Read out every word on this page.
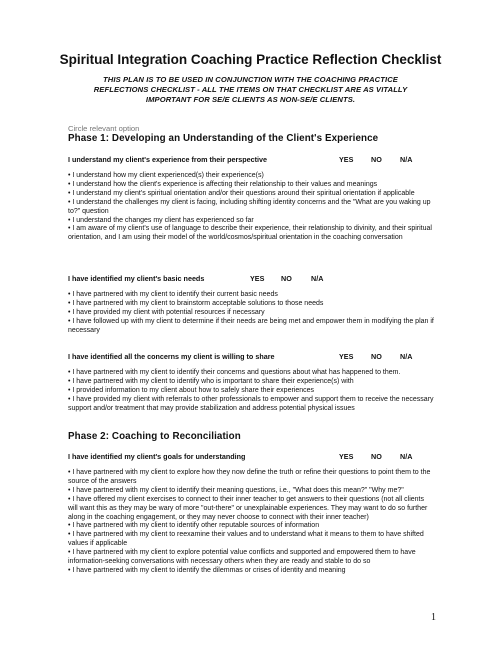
Spiritual Integration Coaching Practice Reflection Checklist
THIS PLAN IS TO BE USED IN CONJUNCTION WITH THE COACHING PRACTICE REFLECTIONS CHECKLIST - ALL THE ITEMS ON THAT CHECKLIST ARE AS VITALLY IMPORTANT FOR SE/E CLIENTS AS NON-SE/E CLIENTS.
Circle relevant option
Phase 1: Developing an Understanding of the Client's Experience
I understand my client's experience from their perspective	YES NO	N/A
• I understand how my client experienced(s) their experience(s)
• I understand how the client's experience is affecting their relationship to their values and meanings
• I understand my client's spiritual orientation and/or their questions around their spiritual orientation if applicable
• I understand the challenges my client is facing, including shifting identity concerns and the "What are you waking up to?" question
• I understand the changes my client has experienced so far
• I am aware of my client's use of language to describe their experience, their relationship to divinity, and their spiritual orientation, and I am using their model of the world/cosmos/spiritual orientation in the coaching conversation
I have identified my client's basic needs	YES NO	N/A
• I have partnered with my client to identify their current basic needs
• I have partnered with my client to brainstorm acceptable solutions to those needs
• I have provided my client with potential resources if necessary
• I have followed up with my client to determine if their needs are being met and empower them in modifying the plan if necessary
I have identified all the concerns my client is willing to share	YES NO	N/A
• I have partnered with my client to identify their concerns and questions about what has happened to them.
• I have partnered with my client to identify who is important to share their experience(s) with
• I provided information to my client about how to safely share their experiences
• I have provided my client with referrals to other professionals to empower and support them to receive the necessary support and/or treatment that may provide stabilization and address potential physical issues
Phase 2: Coaching to Reconciliation
I have identified my client's goals for understanding	YES NO	N/A
• I have partnered with my client to explore how they now define the truth or refine their questions to point them to the source of the answers
• I have partnered with my client to identify their meaning questions, i.e., "What does this mean?" "Why me?"
• I have offered my client exercises to connect to their inner teacher to get answers to their questions (not all clients will want this as they may be wary of more "out-there" or unexplainable experiences. They may want to do so further along in the coaching engagement, or they may never choose to connect with their inner teacher)
• I have partnered with my client to identify other reputable sources of information
• I have partnered with my client to reexamine their values and to understand what it means to them to have shifted values if applicable
• I have partnered with my client to explore potential value conflicts and supported and empowered them to have information-seeking conversations with necessary others when they are ready and stable to do so
• I have partnered with my client to identify the dilemmas or crises of identity and meaning
1
